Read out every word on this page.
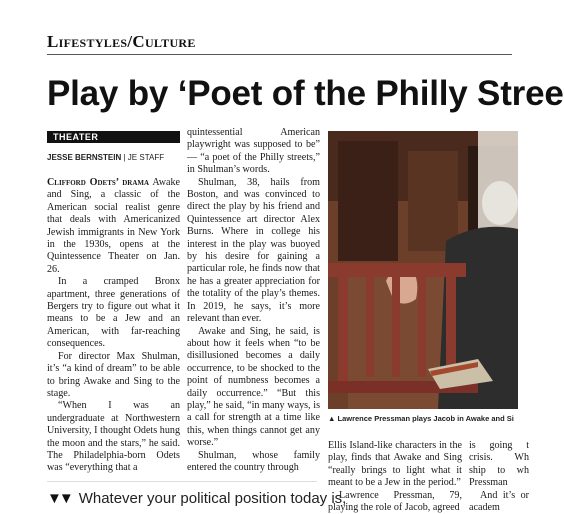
Lifestyles/Culture
Play by ‘Poet of the Philly Stree
THEATER
JESSE BERNSTEIN | JE STAFF

Clifford Odets’ drama Awake and Sing, a classic of the American social realist genre that deals with Americanized Jewish immigrants in New York in the 1930s, opens at the Quintessence Theater on Jan. 26.

In a cramped Bronx apartment, three generations of Bergers try to figure out what it means to be a Jew and an American, with far-reaching consequences.

For director Max Shulman, it’s “a kind of dream” to be able to bring Awake and Sing to the stage.

“When I was an undergraduate at Northwestern University, I thought Odets hung the moon and the stars,” he said. The Philadelphia-born Odets was “everything that a

quintessential American playwright was supposed to be” — “a poet of the Philly streets,” in Shulman’s words.

Shulman, 38, hails from Boston, and was convinced to direct the play by his friend and Quintessence art director Alex Burns. Where in college his interest in the play was buoyed by his desire for gaining a particular role, he finds now that he has a greater appreciation for the totality of the play’s themes. In 2019, he says, it’s more relevant than ever.

Awake and Sing, he said, is about how it feels when “to be disillusioned becomes a daily occurrence, to be shocked to the point of numbness becomes a daily occurrence.” “But this play,” he said, “in many ways, is a call for strength at a time like this, when things cannot get any worse.”

Shulman, whose family entered the country through

▲ Lawrence Pressman plays Jacob in Awake and Si

Ellis Island-like characters in the play, finds that Awake and Sing “really brings to light what it meant to be a Jew in the period.”

Lawrence Pressman, 79, playing the role of Jacob, agreed

is going t crisis. Wh ship to wh Pressman

And it’s or academ

▼▼ Whatever your political position today is,
